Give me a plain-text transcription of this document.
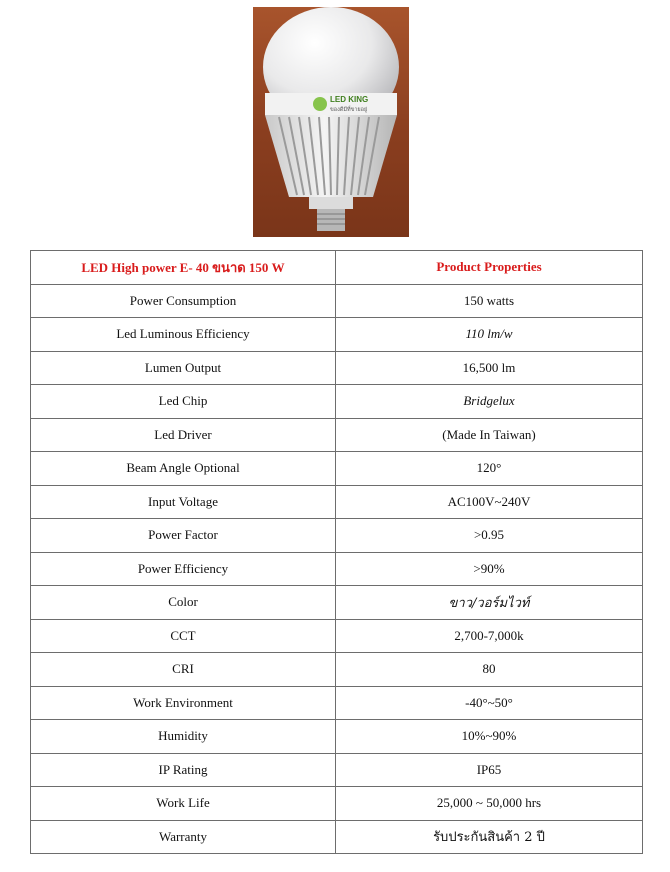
LED KING
ของดีมีที่ขายอยู่
LED High power E- 40 ขนาด 150 W	Product Properties
Power Consumption	150 watts
Led Luminous Efficiency	110 lm/w
Lumen Output	16,500 lm
Led Chip	Bridgelux
Led Driver	(Made In Taiwan)
Beam Angle Optional	120°
Input Voltage	AC100V~240V
Power Factor	>0.95
Power Efficiency	>90%
Color	ขาว/วอร์มไวท์
CCT	2,700-7,000k
CRI	80
Work Environment	-40°~50°
Humidity	10%~90%
IP Rating	IP65
Work Life	25,000 ~ 50,000 hrs
Warranty	รับประกันสินค้า 2 ปี
